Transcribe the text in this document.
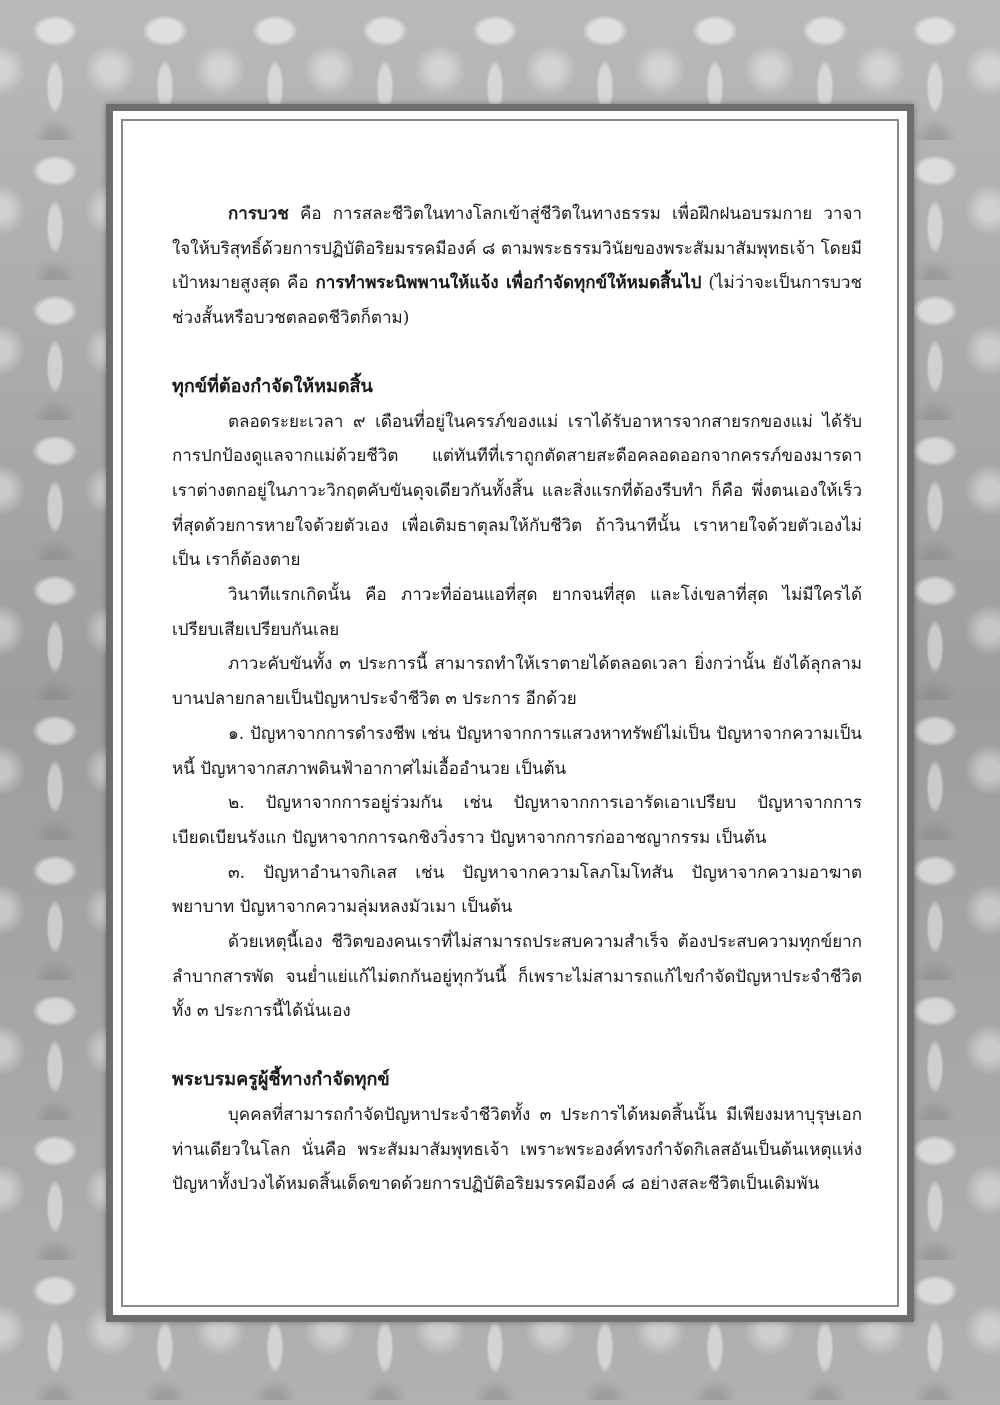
การบวช คือ การสละชีวิตในทางโลกเข้าสู่ชีวิตในทางธรรม เพื่อฝึกฝนอบรมกาย วาจา ใจให้บริสุทธิ์ด้วยการปฏิบัติอริยมรรคมีองค์ ๘ ตามพระธรรมวินัยของพระสัมมาสัมพุทธเจ้า โดยมีเป้าหมายสูงสุด คือ การทำพระนิพพานให้แจ้ง เพื่อกำจัดทุกข์ให้หมดสิ้นไป (ไม่ว่าจะเป็นการบวชช่วงสั้นหรือบวชตลอดชีวิตก็ตาม)

ทุกข์ที่ต้องกำจัดให้หมดสิ้น

ตลอดระยะเวลา ๙ เดือนที่อยู่ในครรภ์ของแม่ เราได้รับอาหารจากสายรกของแม่ ได้รับการปกป้องดูแลจากแม่ด้วยชีวิต แต่ทันทีที่เราถูกตัดสายสะดือคลอดออกจากครรภ์ของมารดา เราต่างตกอยู่ในภาวะวิกฤตคับขันดุจเดียวกันทั้งสิ้น และสิ่งแรกที่ต้องรีบทำ ก็คือ พึ่งตนเองให้เร็วที่สุดด้วยการหายใจด้วยตัวเอง เพื่อเติมธาตุลมให้กับชีวิต ถ้าวินาทีนั้น เราหายใจด้วยตัวเองไม่เป็น เราก็ต้องตาย

วินาทีแรกเกิดนั้น คือ ภาวะที่อ่อนแอที่สุด ยากจนที่สุด และโง่เขลาที่สุด ไม่มีใครได้เปรียบเสียเปรียบกันเลย

ภาวะคับขันทั้ง ๓ ประการนี้ สามารถทำให้เราตายได้ตลอดเวลา ยิ่งกว่านั้น ยังได้ลุกลามบานปลายกลายเป็นปัญหาประจำชีวิต ๓ ประการ อีกด้วย

๑. ปัญหาจากการดำรงชีพ เช่น ปัญหาจากการแสวงหาทรัพย์ไม่เป็น ปัญหาจากความเป็นหนี้ ปัญหาจากสภาพดินฟ้าอากาศไม่เอื้ออำนวย เป็นต้น

๒. ปัญหาจากการอยู่ร่วมกัน เช่น ปัญหาจากการเอารัดเอาเปรียบ ปัญหาจากการเบียดเบียนรังแก ปัญหาจากการฉกชิงวิ่งราว ปัญหาจากการก่ออาชญากรรม เป็นต้น

๓. ปัญหาอำนาจกิเลส เช่น ปัญหาจากความโลภโมโทสัน ปัญหาจากความอาฆาตพยาบาท ปัญหาจากความลุ่มหลงมัวเมา เป็นต้น

ด้วยเหตุนี้เอง ชีวิตของคนเราที่ไม่สามารถประสบความสำเร็จ ต้องประสบความทุกข์ยากลำบากสารพัด จนย่ำแย่แก้ไม่ตกกันอยู่ทุกวันนี้ ก็เพราะไม่สามารถแก้ไขกำจัดปัญหาประจำชีวิตทั้ง ๓ ประการนี้ได้นั่นเอง

พระบรมครูผู้ชี้ทางกำจัดทุกข์

บุคคลที่สามารถกำจัดปัญหาประจำชีวิตทั้ง ๓ ประการได้หมดสิ้นนั้น มีเพียงมหาบุรุษเอกท่านเดียวในโลก นั่นคือ พระสัมมาสัมพุทธเจ้า เพราะพระองค์ทรงกำจัดกิเลสอันเป็นต้นเหตุแห่งปัญหาทั้งปวงได้หมดสิ้นเด็ดขาดด้วยการปฏิบัติอริยมรรคมีองค์ ๘ อย่างสละชีวิตเป็นเดิมพัน
